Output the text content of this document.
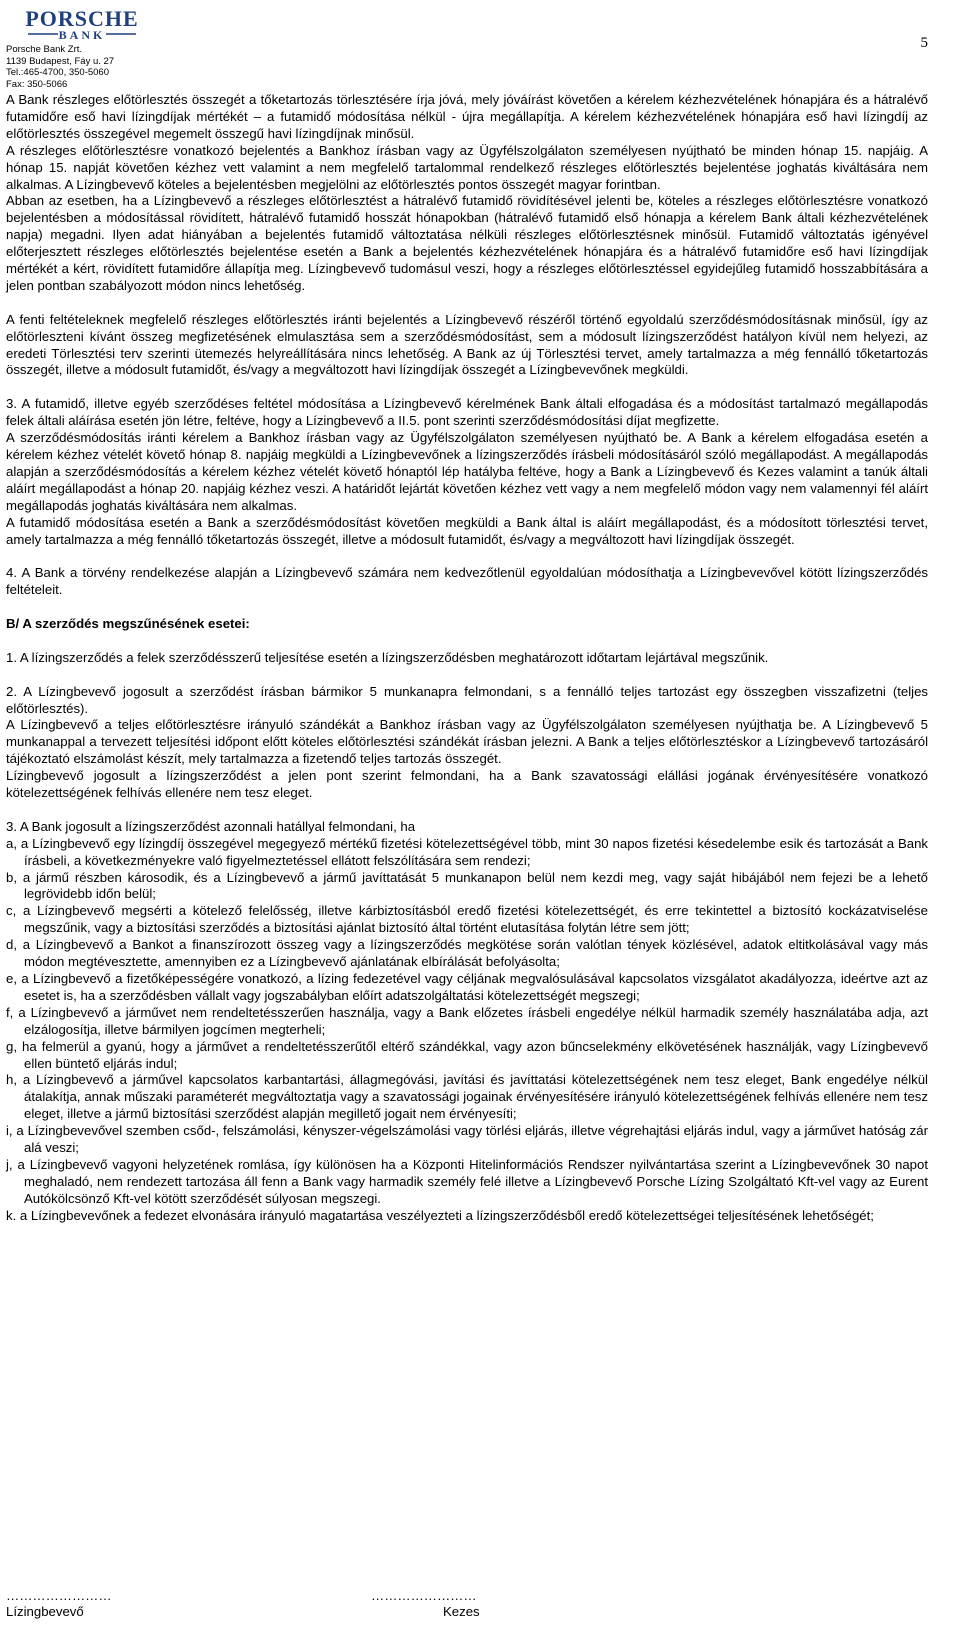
PORSCHE
BANK
Porsche Bank Zrt.
1139 Budapest, Fáy u. 27
Tel.:465-4700, 350-5060
Fax: 350-5066
5

A Bank részleges előtörlesztés összegét a tőketartozás törlesztésére írja jóvá, mely jóváírást követően a kérelem kézhezvételének hónapjára és a hátralévő futamidőre eső havi lízingdíjak mértékét – a futamidő módosítása nélkül - újra megállapítja. A kérelem kézhezvételének hónapjára eső havi lízingdíj az előtörlesztés összegével megemelt összegű havi lízingdíjnak minősül.

A részleges előtörlesztésre vonatkozó bejelentés a Bankhoz írásban vagy az Ügyfélszolgálaton személyesen nyújtható be minden hónap 15. napjáig. A hónap 15. napját követően kézhez vett valamint a nem megfelelő tartalommal rendelkező részleges előtörlesztés bejelentése joghatás kiváltására nem alkalmas. A Lízingbevevő köteles a bejelentésben megjelölni az előtörlesztés pontos összegét magyar forintban.

Abban az esetben, ha a Lízingbevevő a részleges előtörlesztést a hátralévő futamidő rövidítésével jelenti be, köteles a részleges előtörlesztésre vonatkozó bejelentésben a módosítással rövidített, hátralévő futamidő hosszát hónapokban (hátralévő futamidő első hónapja a kérelem Bank általi kézhezvételének napja) megadni. Ilyen adat hiányában a bejelentés futamidő változtatása nélküli részleges előtörlesztésnek minősül. Futamidő változtatás igényével előterjesztett részleges előtörlesztés bejelentése esetén a Bank a bejelentés kézhezvételének hónapjára és a hátralévő futamidőre eső havi lízingdíjak mértékét a kért, rövidített futamidőre állapítja meg. Lízingbevevő tudomásul veszi, hogy a részleges előtörlesztéssel egyidejűleg futamidő hosszabbítására a jelen pontban szabályozott módon nincs lehetőség.

A fenti feltételeknek megfelelő részleges előtörlesztés iránti bejelentés a Lízingbevevő részéről történő egyoldalú szerződésmódosításnak minősül, így az előtörleszteni kívánt összeg megfizetésének elmulasztása sem a szerződésmódosítást, sem a módosult lízingszerződést hatályon kívül nem helyezi, az eredeti Törlesztési terv szerinti ütemezés helyreállítására nincs lehetőség. A Bank az új Törlesztési tervet, amely tartalmazza a még fennálló tőketartozás összegét, illetve a módosult futamidőt, és/vagy a megváltozott havi lízingdíjak összegét a Lízingbevevőnek megküldi.

3. A futamidő, illetve egyéb szerződéses feltétel módosítása a Lízingbevevő kérelmének Bank általi elfogadása és a módosítást tartalmazó megállapodás felek általi aláírása esetén jön létre, feltéve, hogy a Lízingbevevő a II.5. pont szerinti szerződésmódosítási díjat megfizette.

A szerződésmódosítás iránti kérelem a Bankhoz írásban vagy az Ügyfélszolgálaton személyesen nyújtható be. A Bank a kérelem elfogadása esetén a kérelem kézhez vételét követő hónap 8. napjáig megküldi a Lízingbevevőnek a lízingszerződés írásbeli módosításáról szóló megállapodást. A megállapodás alapján a szerződésmódosítás a kérelem kézhez vételét követő hónaptól lép hatályba feltéve, hogy a Bank a Lízingbevevő és Kezes valamint a tanúk általi aláírt megállapodást a hónap 20. napjáig kézhez veszi. A határidőt lejártát követően kézhez vett vagy a nem megfelelő módon vagy nem valamennyi fél aláírt megállapodás joghatás kiváltására nem alkalmas.

A futamidő módosítása esetén a Bank a szerződésmódosítást követően megküldi a Bank által is aláírt megállapodást, és a módosított törlesztési tervet, amely tartalmazza a még fennálló tőketartozás összegét, illetve a módosult futamidőt, és/vagy a megváltozott havi lízingdíjak összegét.

4. A Bank a törvény rendelkezése alapján a Lízingbevevő számára nem kedvezőtlenül egyoldalúan módosíthatja a Lízingbevevővel kötött lízingszerződés feltételeit.

B/ A szerződés megszűnésének esetei:

1. A lízingszerződés a felek szerződésszerű teljesítése esetén a lízingszerződésben meghatározott időtartam lejártával megszűnik.

2. A Lízingbevevő jogosult a szerződést írásban bármikor 5 munkanapra felmondani, s a fennálló teljes tartozást egy összegben visszafizetni (teljes előtörlesztés).

A Lízingbevevő a teljes előtörlesztésre irányuló szándékát a Bankhoz írásban vagy az Ügyfélszolgálaton személyesen nyújthatja be. A Lízingbevevő 5 munkanappal a tervezett teljesítési időpont előtt köteles előtörlesztési szándékát írásban jelezni. A Bank a teljes előtörlesztéskor a Lízingbevevő tartozásáról tájékoztató elszámolást készít, mely tartalmazza a fizetendő teljes tartozás összegét.

Lízingbevevő jogosult a lízingszerződést a jelen pont szerint felmondani, ha a Bank szavatossági elállási jogának érvényesítésére vonatkozó kötelezettségének felhívás ellenére nem tesz eleget.

3. A Bank jogosult a lízingszerződést azonnali hatállyal felmondani, ha

a, a Lízingbevevő egy lízingdíj összegével megegyező mértékű fizetési kötelezettségével több, mint 30 napos fizetési késedelembe esik és tartozását a Bank írásbeli, a következményekre való figyelmeztetéssel ellátott felszólítására sem rendezi;

b, a jármű részben károsodik, és a Lízingbevevő a jármű javíttatását 5 munkanapon belül nem kezdi meg, vagy saját hibájából nem fejezi be a lehető legrövidebb időn belül;

c, a Lízingbevevő megsérti a kötelező felelősség, illetve kárbiztosításból eredő fizetési kötelezettségét, és erre tekintettel a biztosító kockázatviselése megszűnik, vagy a biztosítási szerződés a biztosítási ajánlat biztosító által történt elutasítása folytán létre sem jött;

d, a Lízingbevevő a Bankot a finanszírozott összeg vagy a lízingszerződés megkötése során valótlan tények közlésével, adatok eltitkolásával vagy más módon megtévesztette, amennyiben ez a Lízingbevevő ajánlatának elbírálását befolyásolta;

e, a Lízingbevevő a fizetőképességére vonatkozó, a lízing fedezetével vagy céljának megvalósulásával kapcsolatos vizsgálatot akadályozza, ideértve azt az esetet is, ha a szerződésben vállalt vagy jogszabályban előírt adatszolgáltatási kötelezettségét megszegi;

f, a Lízingbevevő a járművet nem rendeltetésszerűen használja, vagy a Bank előzetes írásbeli engedélye nélkül harmadik személy használatába adja, azt elzálogosítja, illetve bármilyen jogcímen megterheli;

g, ha felmerül a gyanú, hogy a járművet a rendeltetésszerűtől eltérő szándékkal, vagy azon bűncselekmény elkövetésének használják, vagy Lízingbevevő ellen büntető eljárás indul;

h, a Lízingbevevő a járművel kapcsolatos karbantartási, állagmegóvási, javítási és javíttatási kötelezettségének nem tesz eleget, Bank engedélye nélkül átalakítja, annak műszaki paraméterét megváltoztatja vagy a szavatossági jogainak érvényesítésére irányuló kötelezettségének felhívás ellenére nem tesz eleget, illetve a jármű biztosítási szerződést alapján megillető jogait nem érvényesíti;

i, a Lízingbevevővel szemben csőd-, felszámolási, kényszer-végelszámolási vagy törlési eljárás, illetve végrehajtási eljárás indul, vagy a járművet hatóság zár alá veszi;

j, a Lízingbevevő vagyoni helyzetének romlása, így különösen ha a Központi Hitelinformációs Rendszer nyilvántartása szerint a Lízingbevevőnek 30 napot meghaladó, nem rendezett tartozása áll fenn a Bank vagy harmadik személy felé illetve a Lízingbevevő Porsche Lízing Szolgáltató Kft-vel vagy az Eurent Autókölcsönző Kft-vel kötött szerződését súlyosan megszegi.

k. a Lízingbevevőnek a fedezet elvonására irányuló magatartása veszélyezteti a lízingszerződésből eredő kötelezettségei teljesítésének lehetőségét;

……………………
Lízingbevevő
……………………
Kezes
